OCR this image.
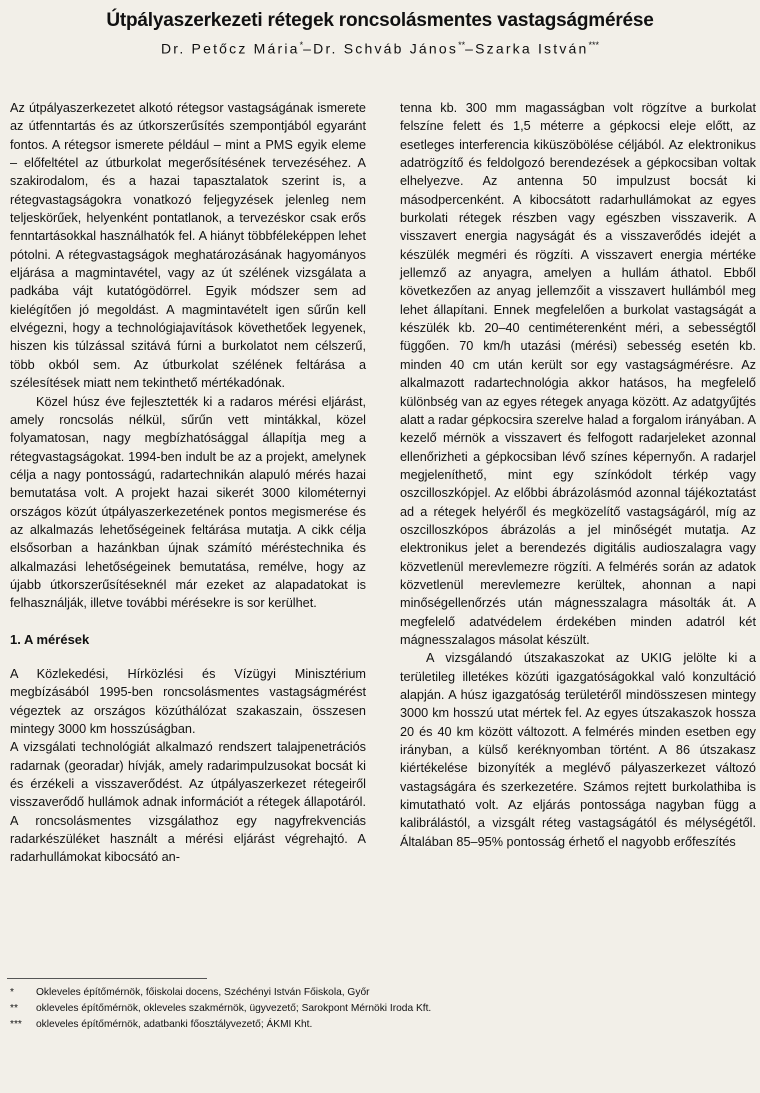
Útpályaszerkezeti rétegek roncsolásmentes vastagságmérése
Dr. Petőcz Mária*–Dr. Schváb János**–Szarka István***

Az útpályaszerkezetet alkotó rétegsor vastagságának ismerete az útfenntartás és az útkorszerűsítés szempontjából egyaránt fontos. A rétegsor ismerete például – mint a PMS egyik eleme – előfeltétel az útburkolat megerősítésének tervezéséhez. A szakirodalom, és a hazai tapasztalatok szerint is, a rétegvastagságokra vonatkozó feljegyzések jelenleg nem teljeskörűek, helyenként pontatlanok, a tervezéskor csak erős fenntartásokkal használhatók fel. A hiányt többféleképpen lehet pótolni. A rétegvastagságok meghatározásának hagyományos eljárása a magmintavétel, vagy az út szélének vizsgálata a padkába vájt kutatógödörrel. Egyik módszer sem ad kielégítően jó megoldást. A magmintavételt igen sűrűn kell elvégezni, hogy a technológiajavítások követhetőek legyenek, hiszen kis túlzással szitává fúrni a burkolatot nem célszerű, több okból sem. Az útburkolat szélének feltárása a szélesítések miatt nem tekinthető mértékadónak.

Közel húsz éve fejlesztették ki a radaros mérési eljárást, amely roncsolás nélkül, sűrűn vett mintákkal, közel folyamatosan, nagy megbízhatósággal állapítja meg a rétegvastagságokat. 1994-ben indult be az a projekt, amelynek célja a nagy pontosságú, radartechnikán alapuló mérés hazai bemutatása volt. A projekt hazai sikerét 3000 kilométernyi országos közút útpályaszerkezetének pontos megismerése és az alkalmazás lehetőségeinek feltárása mutatja. A cikk célja elsősorban a hazánkban újnak számító méréstechnika és alkalmazási lehetőségeinek bemutatása, remélve, hogy az újabb útkorszerűsítéseknél már ezeket az alapadatokat is felhasználják, illetve további mérésekre is sor kerülhet.

1. A mérések

A Közlekedési, Hírközlési és Vízügyi Minisztérium megbízásából 1995-ben roncsolásmentes vastagságmérést végeztek az országos közúthálózat szakaszain, összesen mintegy 3000 km hosszúságban.

A vizsgálati technológiát alkalmazó rendszert talajpenetrációs radarnak (georadar) hívják, amely radarimpulzusokat bocsát ki és érzékeli a visszaverődést. Az útpályaszerkezet rétegeiről visszaverődő hullámok adnak információt a rétegek állapotáról. A roncsolásmentes vizsgálathoz egy nagyfrekvenciás radarkészüléket használt a mérési eljárást végrehajtó. A radarhullámokat kibocsátó an-

tenna kb. 300 mm magasságban volt rögzítve a burkolat felszíne felett és 1,5 méterre a gépkocsi eleje előtt, az esetleges interferencia kiküszöbölése céljából. Az elektronikus adatrögzítő és feldolgozó berendezések a gépkocsiban voltak elhelyezve. Az antenna 50 impulzust bocsát ki másodpercenként. A kibocsátott radarhullámokat az egyes burkolati rétegek részben vagy egészben visszaverik. A visszavert energia nagyságát és a visszaverődés idejét a készülék megméri és rögzíti. A visszavert energia mértéke jellemző az anyagra, amelyen a hullám áthatol. Ebből következően az anyag jellemzőit a visszavert hullámból meg lehet állapítani. Ennek megfelelően a burkolat vastagságát a készülék kb. 20–40 centiméterenként méri, a sebességtől függően. 70 km/h utazási (mérési) sebesség esetén kb. minden 40 cm után került sor egy vastagságmérésre. Az alkalmazott radartechnológia akkor hatásos, ha megfelelő különbség van az egyes rétegek anyaga között. Az adatgyűjtés alatt a radar gépkocsira szerelve halad a forgalom irányában. A kezelő mérnök a visszavert és felfogott radarjeleket azonnal ellenőrizheti a gépkocsiban lévő színes képernyőn. A radarjel megjeleníthető, mint egy színkódolt térkép vagy oszcilloszkópjel. Az előbbi ábrázolásmód azonnal tájékoztatást ad a rétegek helyéről és megközelítő vastagságáról, míg az oszcilloszkópos ábrázolás a jel minőségét mutatja. Az elektronikus jelet a berendezés digitális audioszalagra vagy közvetlenül merevlemezre rögzíti. A felmérés során az adatok közvetlenül merevlemezre kerültek, ahonnan a napi minőségellenőrzés után mágnesszalagra másolták át. A megfelelő adatvédelem érdekében minden adatról két mágnesszalagos másolat készült.

A vizsgálandó útszakaszokat az UKIG jelölte ki a területileg illetékes közúti igazgatóságokkal való konzultáció alapján. A húsz igazgatóság területéről mindösszesen mintegy 3000 km hosszú utat mértek fel. Az egyes útszakaszok hossza 20 és 40 km között változott. A felmérés minden esetben egy irányban, a külső keréknyomban történt. A 86 útszakasz kiértékelése bizonyíték a meglévő pályaszerkezet változó vastagságára és szerkezetére. Számos rejtett burkolathiba is kimutatható volt. Az eljárás pontossága nagyban függ a kalibrálástól, a vizsgált réteg vastagságától és mélységétől. Általában 85–95% pontosság érhető el nagyobb erőfeszítés

*	Okleveles építőmérnök, főiskolai docens, Széchényi István Főiskola, Győr
**	okleveles építőmérnök, okleveles szakmérnök, ügyvezető; Sarokpont Mérnöki Iroda Kft.
***	okleveles építőmérnök, adatbanki főosztályvezető; ÁKMI Kht.
